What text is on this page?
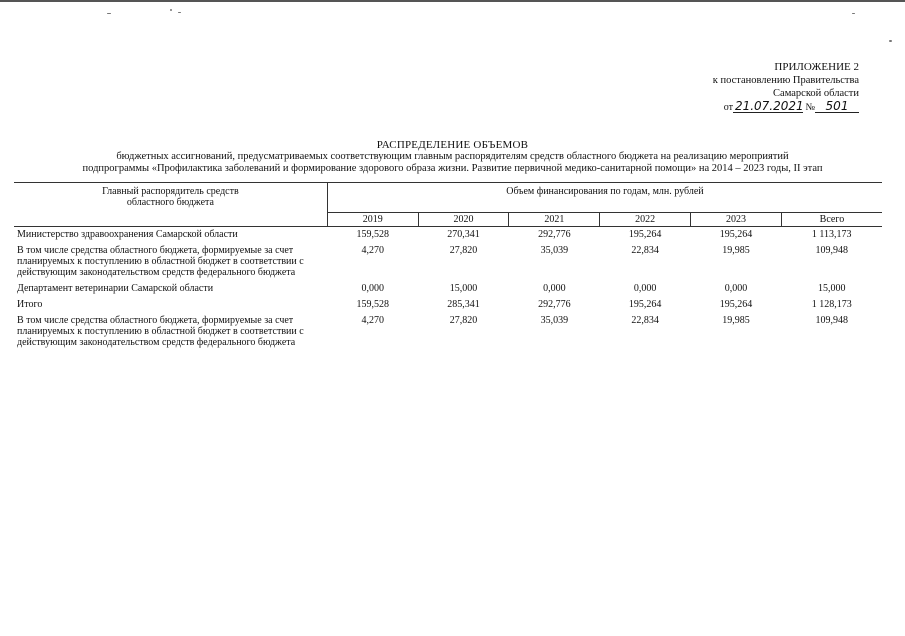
ПРИЛОЖЕНИЕ 2
к постановлению Правительства
Самарской области
от 21.07.2021 № 501
РАСПРЕДЕЛЕНИЕ ОБЪЕМОВ
бюджетных ассигнований, предусматриваемых соответствующим главным распорядителям средств областного бюджета на реализацию мероприятий
подпрограммы «Профилактика заболеваний и формирование здорового образа жизни. Развитие первичной медико-санитарной помощи» на 2014 – 2023 годы, II этап
Главный распорядитель средств
областного бюджета	Объем финансирования по годам, млн. рублей					
	2019	2020	2021	2022	2023	Всего
Министерство здравоохранения Самарской области	159,528	270,341	292,776	195,264	195,264	1 113,173
В том числе средства областного бюджета, формируемые за счет планируемых к поступлению в областной бюджет в соответствии с действующим законодательством средств федерального бюджета	4,270	27,820	35,039	22,834	19,985	109,948
Департамент ветеринарии Самарской области	0,000	15,000	0,000	0,000	0,000	15,000
Итого	159,528	285,341	292,776	195,264	195,264	1 128,173
В том числе средства областного бюджета, формируемые за счет планируемых к поступлению в областной бюджет в соответствии с действующим законодательством средств федерального бюджета	4,270	27,820	35,039	22,834	19,985	109,948
